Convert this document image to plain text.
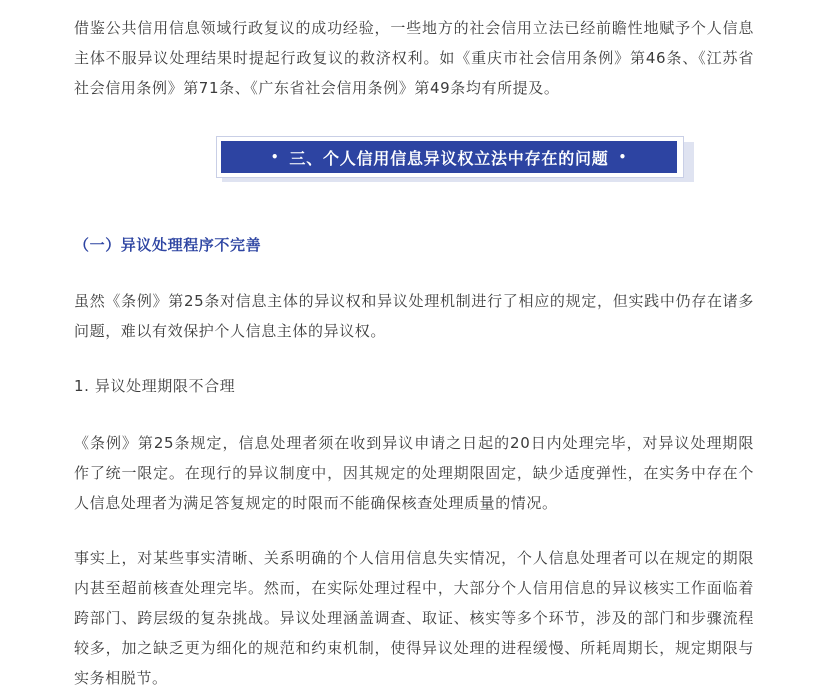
借鉴公共信用信息领域行政复议的成功经验，一些地方的社会信用立法已经前瞻性地赋予个人信息主体不服异议处理结果时提起行政复议的救济权利。如《重庆市社会信用条例》第46条、《江苏省社会信用条例》第71条、《广东省社会信用条例》第49条均有所提及。

• 三、个人信用信息异议权立法中存在的问题 •

（一）异议处理程序不完善

虽然《条例》第25条对信息主体的异议权和异议处理机制进行了相应的规定，但实践中仍存在诸多问题，难以有效保护个人信息主体的异议权。

1. 异议处理期限不合理

《条例》第25条规定，信息处理者须在收到异议申请之日起的20日内处理完毕，对异议处理期限作了统一限定。在现行的异议制度中，因其规定的处理期限固定，缺少适度弹性，在实务中存在个人信息处理者为满足答复规定的时限而不能确保核查处理质量的情况。

事实上，对某些事实清晰、关系明确的个人信用信息失实情况，个人信息处理者可以在规定的期限内甚至超前核查处理完毕。然而，在实际处理过程中，大部分个人信用信息的异议核实工作面临着跨部门、跨层级的复杂挑战。异议处理涵盖调查、取证、核实等多个环节，涉及的部门和步骤流程较多，加之缺乏更为细化的规范和约束机制，使得异议处理的进程缓慢、所耗周期长，规定期限与实务相脱节。
